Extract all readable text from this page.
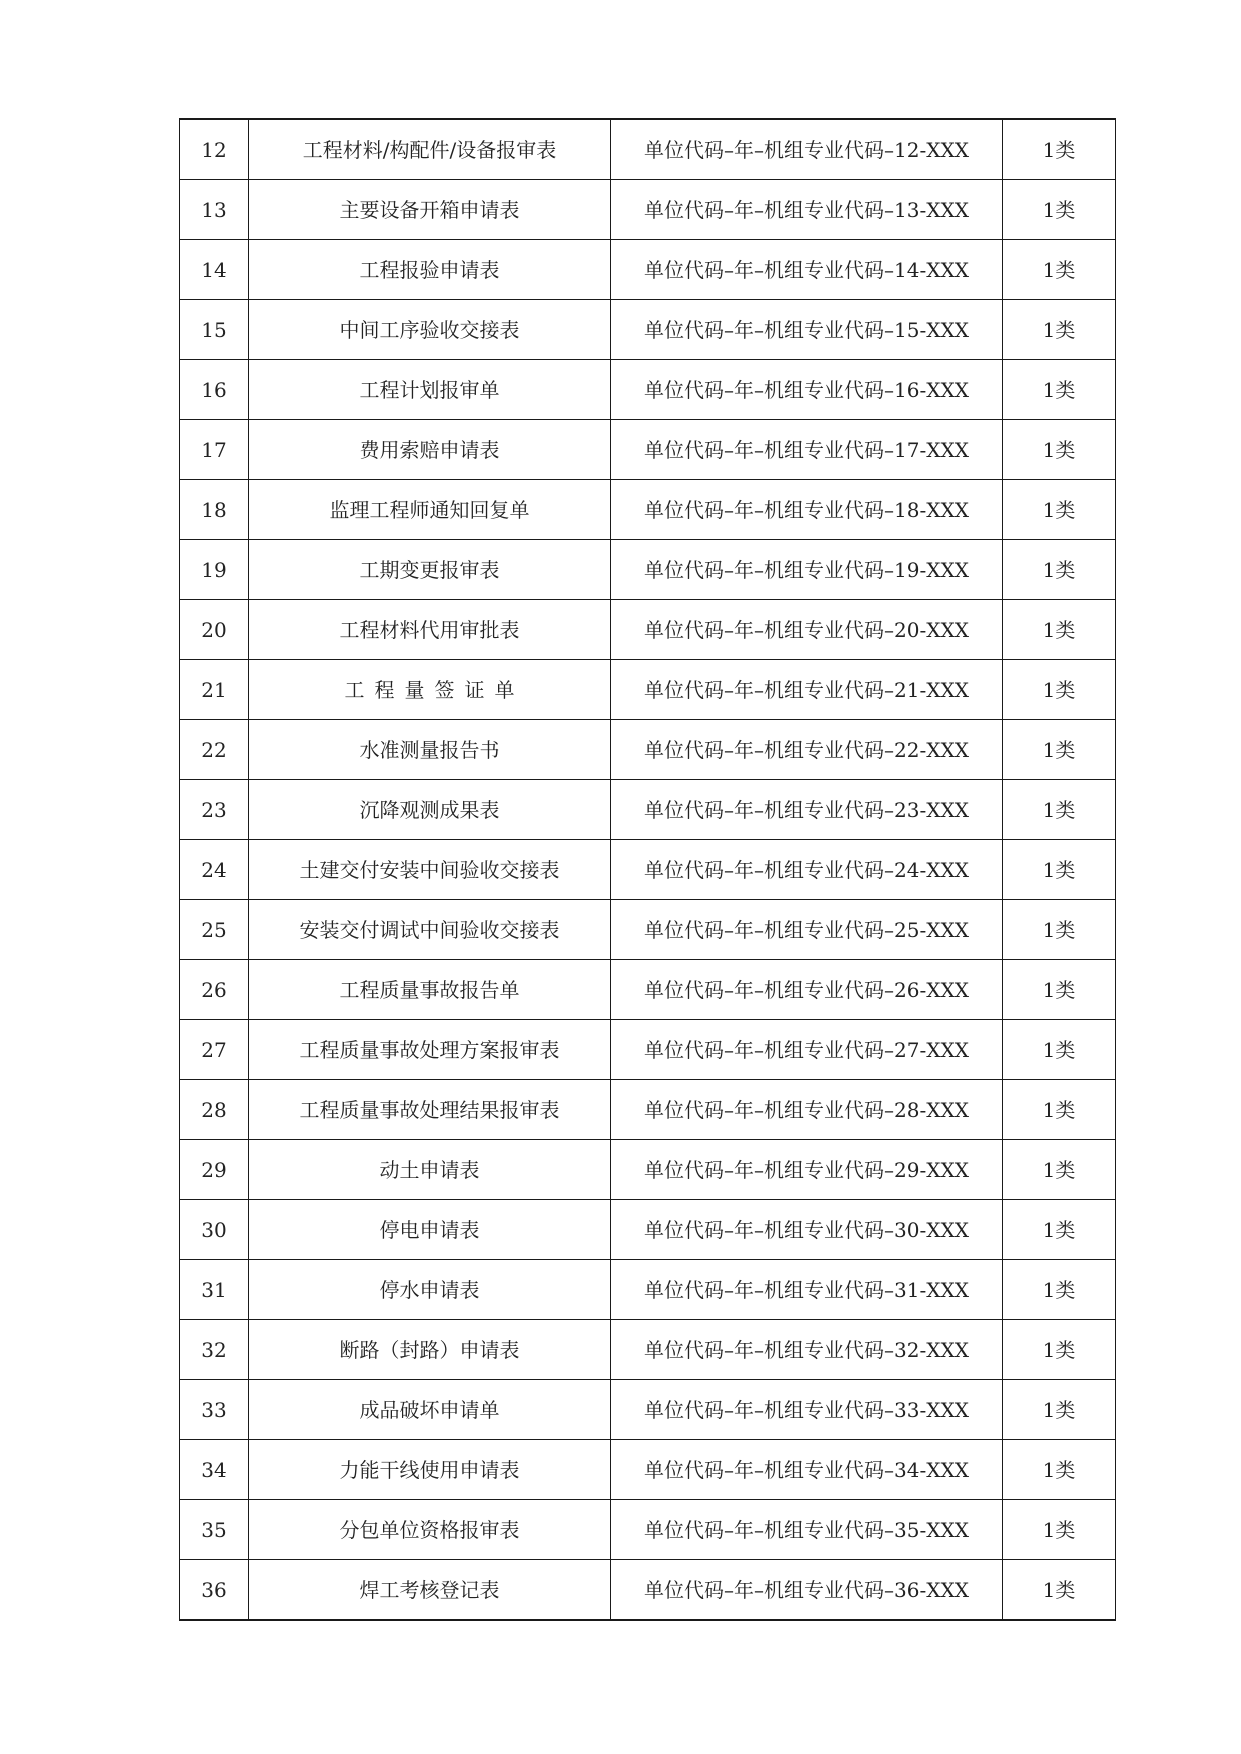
12	工程材料/构配件/设备报审表	单位代码–年–机组专业代码–12-XXX	1类
13	主要设备开箱申请表	单位代码–年–机组专业代码–13-XXX	1类
14	工程报验申请表	单位代码–年–机组专业代码–14-XXX	1类
15	中间工序验收交接表	单位代码–年–机组专业代码–15-XXX	1类
16	工程计划报审单	单位代码–年–机组专业代码–16-XXX	1类
17	费用索赔申请表	单位代码–年–机组专业代码–17-XXX	1类
18	监理工程师通知回复单	单位代码–年–机组专业代码–18-XXX	1类
19	工期变更报审表	单位代码–年–机组专业代码–19-XXX	1类
20	工程材料代用审批表	单位代码–年–机组专业代码–20-XXX	1类
21	工程量签证单	单位代码–年–机组专业代码–21-XXX	1类
22	水准测量报告书	单位代码–年–机组专业代码–22-XXX	1类
23	沉降观测成果表	单位代码–年–机组专业代码–23-XXX	1类
24	土建交付安装中间验收交接表	单位代码–年–机组专业代码–24-XXX	1类
25	安装交付调试中间验收交接表	单位代码–年–机组专业代码–25-XXX	1类
26	工程质量事故报告单	单位代码–年–机组专业代码–26-XXX	1类
27	工程质量事故处理方案报审表	单位代码–年–机组专业代码–27-XXX	1类
28	工程质量事故处理结果报审表	单位代码–年–机组专业代码–28-XXX	1类
29	动土申请表	单位代码–年–机组专业代码–29-XXX	1类
30	停电申请表	单位代码–年–机组专业代码–30-XXX	1类
31	停水申请表	单位代码–年–机组专业代码–31-XXX	1类
32	断路（封路）申请表	单位代码–年–机组专业代码–32-XXX	1类
33	成品破坏申请单	单位代码–年–机组专业代码–33-XXX	1类
34	力能干线使用申请表	单位代码–年–机组专业代码–34-XXX	1类
35	分包单位资格报审表	单位代码–年–机组专业代码–35-XXX	1类
36	焊工考核登记表	单位代码–年–机组专业代码–36-XXX	1类
